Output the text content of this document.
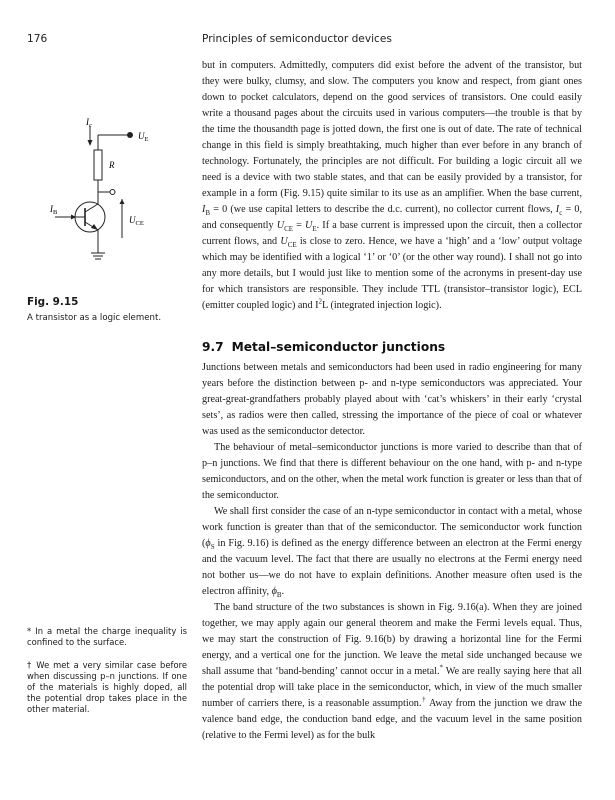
176	Principles of semiconductor devices
$I_c$
$U_E$
R
$I_B$
$U_{CE}$
Fig. 9.15
A transistor as a logic element.

but in computers. Admittedly, computers did exist before the advent of the transistor, but they were bulky, clumsy, and slow. The computers you know and respect, from giant ones down to pocket calculators, depend on the good services of transistors. One could easily write a thousand pages about the circuits used in various computers—the trouble is that by the time the thousandth page is jotted down, the first one is out of date. The rate of technical change in this field is simply breathtaking, much higher than ever before in any branch of technology. Fortunately, the principles are not difficult. For building a logic circuit all we need is a device with two stable states, and that can be easily provided by a transistor, for example in a form (Fig. 9.15) quite similar to its use as an amplifier. When the base current, $I_B = 0$ (we use capital letters to describe the d.c. current), no collector current flows, $I_c = 0$, and consequently $U_{CE} = U_E$. If a base current is impressed upon the circuit, then a collector current flows, and $U_{CE}$ is close to zero. Hence, we have a ‘high’ and a ‘low’ output voltage which may be identified with a logical ‘1’ or ‘0’ (or the other way round). I shall not go into any more details, but I would just like to mention some of the acronyms in present-day use for which transistors are responsible. They include TTL (transistor–transistor logic), ECL (emitter coupled logic) and $I^2L$ (integrated injection logic).

9.7 Metal–semiconductor junctions

Junctions between metals and semiconductors had been used in radio engineering for many years before the distinction between p- and n-type semiconductors was appreciated. Your great-great-grandfathers probably played about with ‘cat’s whiskers’ in their early ‘crystal sets’, as radios were then called, stressing the importance of the piece of coal or whatever was used as the semiconductor detector.

The behaviour of metal–semiconductor junctions is more varied to describe than that of p–n junctions. We find that there is different behaviour on the one hand, with p- and n-type semiconductors, and on the other, when the metal work function is greater or less than that of the semiconductor.

We shall first consider the case of an n-type semiconductor in contact with a metal, whose work function is greater than that of the semiconductor. The semiconductor work function ($\phi_S$ in Fig. 9.16) is defined as the energy difference between an electron at the Fermi energy and the vacuum level. The fact that there are usually no electrons at the Fermi energy need not bother us—we do not have to explain definitions. Another measure often used is the electron affinity, $\phi_B$.

The band structure of the two substances is shown in Fig. 9.16(a). When they are joined together, we may apply again our general theorem and make the Fermi levels equal. Thus, we may start the construction of Fig. 9.16(b) by drawing a horizontal line for the Fermi energy, and a vertical one for the junction. We leave the metal side unchanged because we shall assume that ‘band-bending’ cannot occur in a metal.* We are really saying here that all the potential drop will take place in the semiconductor, which, in view of the much smaller number of carriers there, is a reasonable assumption.† Away from the junction we draw the valence band edge, the conduction band edge, and the vacuum level in the same position (relative to the Fermi level) as for the bulk

* In a metal the charge inequality is confined to the surface.
† We met a very similar case before when discussing p–n junctions. If one of the materials is highly doped, all the potential drop takes place in the other material.
